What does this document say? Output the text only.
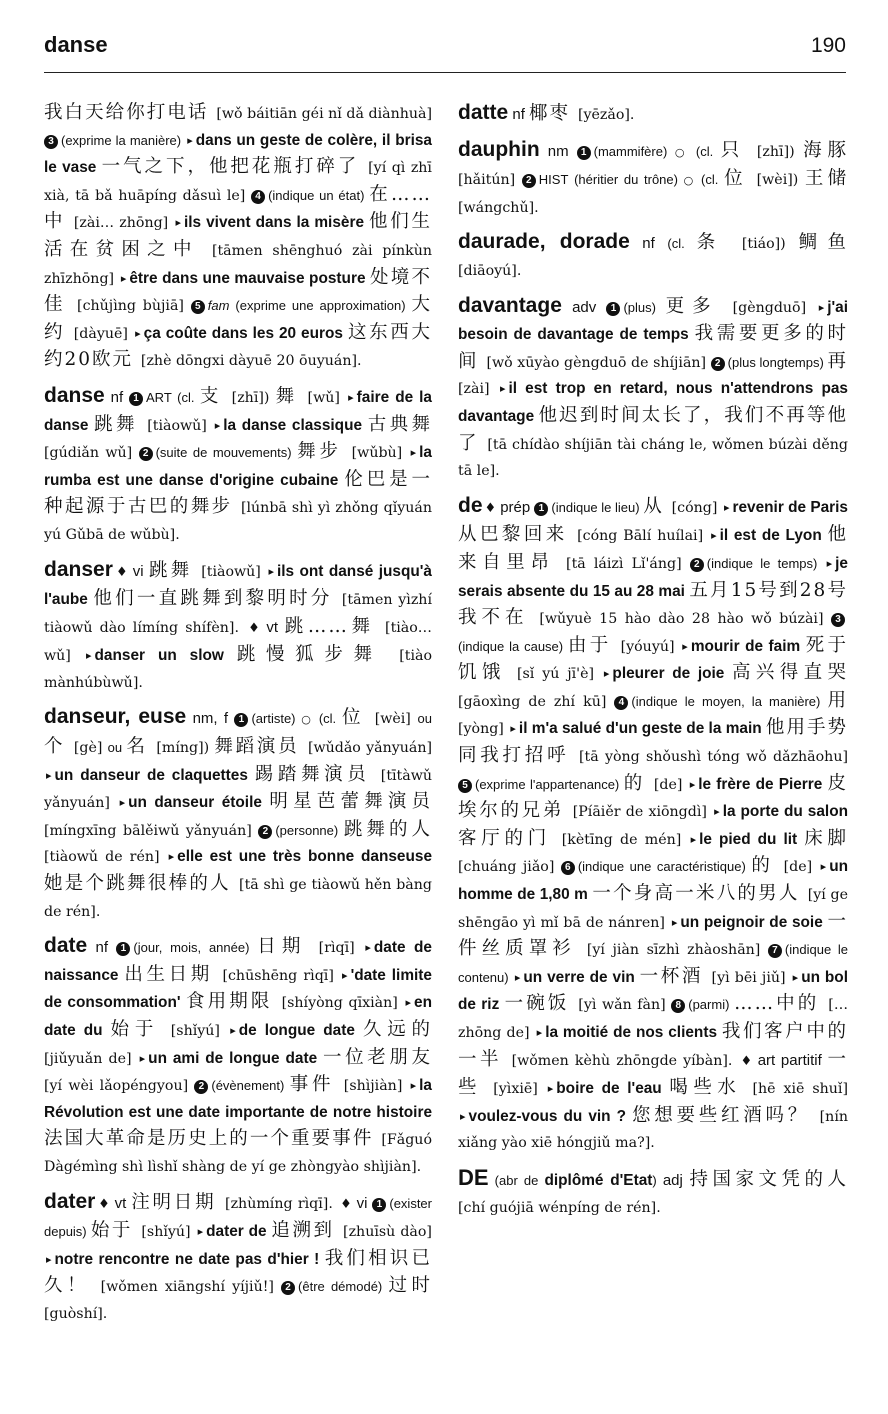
danse	190
我白天给你打电话 [wǒ báitiān géi nǐ dǎ diànhuà] 3 (exprime la manière) ▸ dans un geste de colère, il brisa le vase 一气之下，他把花瓶打碎了 [yí qì zhī xià, tā bǎ huāpíng dǎsuì le] 4 (indique un état) 在……中 [zài… zhōng] ▸ ils vivent dans la misère 他们生活在贫困之中 [tāmen shēnghuó zài pínkùn zhīzhōng] ▸ être dans une mauvaise posture 处境不佳 [chǔjìng bùjiā] 5 fam (exprime une approximation) 大约 [dàyuē] ▸ ça coûte dans les 20 euros 这东西大约20欧元 [zhè dōngxi dàyuē 20 ōuyuán].
danse nf 1 ART (cl. 支 [zhī]) 舞 [wǔ] ▸ faire de la danse 跳舞 [tiàowǔ] ▸ la danse classique 古典舞 [gúdiǎn wǔ] 2 (suite de mouvements) 舞步 [wǔbù] ▸ la rumba est une danse d'origine cubaine 伦巴是一种起源于古巴的舞步 [lúnbā shì yì zhǒng qǐyuán yú Gǔbā de wǔbù].
danser ♦ vi 跳舞 [tiàowǔ] ▸ ils ont dansé jusqu'à l'aube 他们一直跳舞到黎明时分 [tāmen yìzhí tiàowǔ dào límíng shífèn]. ♦ vt 跳……舞 [tiào… wǔ] ▸ danser un slow 跳慢狐步舞 [tiào mànhúbùwǔ].
danseur, euse nm, f 1 (artiste) ○ (cl. 位 [wèi] ou 个 [gè] ou 名 [míng]) 舞蹈演员 [wǔdǎo yǎnyuán] ▸ un danseur de claquettes 踢踏舞演员 [tītàwǔ yǎnyuán] ▸ un danseur étoile 明星芭蕾舞演员 [míngxīng bālěiwǔ yǎnyuán] 2 (personne) 跳舞的人 [tiàowǔ de rén] ▸ elle est une très bonne danseuse 她是个跳舞很棒的人 [tā shì ge tiàowǔ hěn bàng de rén].
date nf 1 (jour, mois, année) 日期 [rìqī] ▸ date de naissance 出生日期 [chūshēng rìqī] ▸ 'date limite de consommation' 食用期限 [shíyòng qīxiàn] ▸ en date du 始于 [shǐyú] ▸ de longue date 久远的 [jiǔyuǎn de] ▸ un ami de longue date 一位老朋友 [yí wèi lǎopéngyou] 2 (évènement) 事件 [shìjiàn] ▸ la Révolution est une date importante de notre histoire 法国大革命是历史上的一个重要事件 [Fǎguó Dàgémìng shì lìshǐ shàng de yí ge zhòngyào shìjiàn].
dater ♦ vt 注明日期 [zhùmíng rìqī]. ♦ vi 1 (exister depuis) 始于 [shǐyú] ▸ dater de 追溯到 [zhuīsù dào] ▸ notre rencontre ne date pas d'hier ! 我们相识已久！ [wǒmen xiāngshí yíjiǔ!] 2 (être démodé) 过时 [guòshí].
datte nf 椰枣 [yēzǎo].
dauphin nm 1 (mammifère) ○ (cl. 只 [zhī]) 海豚 [hǎitún] 2 HIST (héritier du trône) ○ (cl. 位 [wèi]) 王储 [wángchǔ].
daurade, dorade nf (cl. 条 [tiáo]) 鲷鱼 [diāoyú].
davantage adv 1 (plus) 更多 [gèngduō] ▸ j'ai besoin de davantage de temps 我需要更多的时间 [wǒ xūyào gèngduō de shíjiān] 2 (plus longtemps) 再 [zài] ▸ il est trop en retard, nous n'attendrons pas davantage 他迟到时间太长了，我们不再等他了 [tā chídào shíjiān tài cháng le, wǒmen búzài děng tā le].
de ♦ prép 1 (indique le lieu) 从 [cóng] ▸ revenir de Paris 从巴黎回来 [cóng Bālí huílai] ▸ il est de Lyon 他来自里昂 [tā láizì Lǐ'áng] 2 (indique le temps) ▸ je serais absente du 15 au 28 mai 五月15号到28号我不在 [wǔyuè 15 hào dào 28 hào wǒ búzài] 3(indique la cause) 由于 [yóuyú] ▸ mourir de faim 死于饥饿 [sǐ yú jī'è] ▸ pleurer de joie 高兴得直哭 [gāoxìng de zhí kū] 4 (indique le moyen, la manière) 用 [yòng] ▸ il m'a salué d'un geste de la main 他用手势同我打招呼 [tā yòng shǒushì tóng wǒ dǎzhāohu] 5 (exprime l'appartenance) 的 [de] ▸ le frère de Pierre 皮埃尔的兄弟 [Píāiěr de xiōngdì] ▸ la porte du salon 客厅的门 [kètīng de mén] ▸ le pied du lit 床脚 [chuáng jiǎo] 6 (indique une caractéristique) 的 [de] ▸ un homme de 1,80 m 一个身高一米八的男人 [yí ge shēngāo yì mǐ bā de nánren] ▸ un peignoir de soie 一件丝质罩衫 [yí jiàn sīzhì zhàoshān] 7 (indique le contenu) ▸ un verre de vin 一杯酒 [yì bēi jiǔ] ▸ un bol de riz 一碗饭 [yì wǎn fàn] 8 (parmi) ……中的 [… zhōng de] ▸ la moitié de nos clients 我们客户中的一半 [wǒmen kèhù zhōngde yíbàn]. ♦ art partitif 一些 [yìxiē] ▸ boire de l'eau 喝些水 [hē xiē shuǐ] ▸ voulez-vous du vin ? 您想要些红酒吗？ [nín xiǎng yào xiē hóngjiǔ ma?].
DE (abr de diplômé d'Etat) adj 持国家文凭的人 [chí guójiā wénpíng de rén].
